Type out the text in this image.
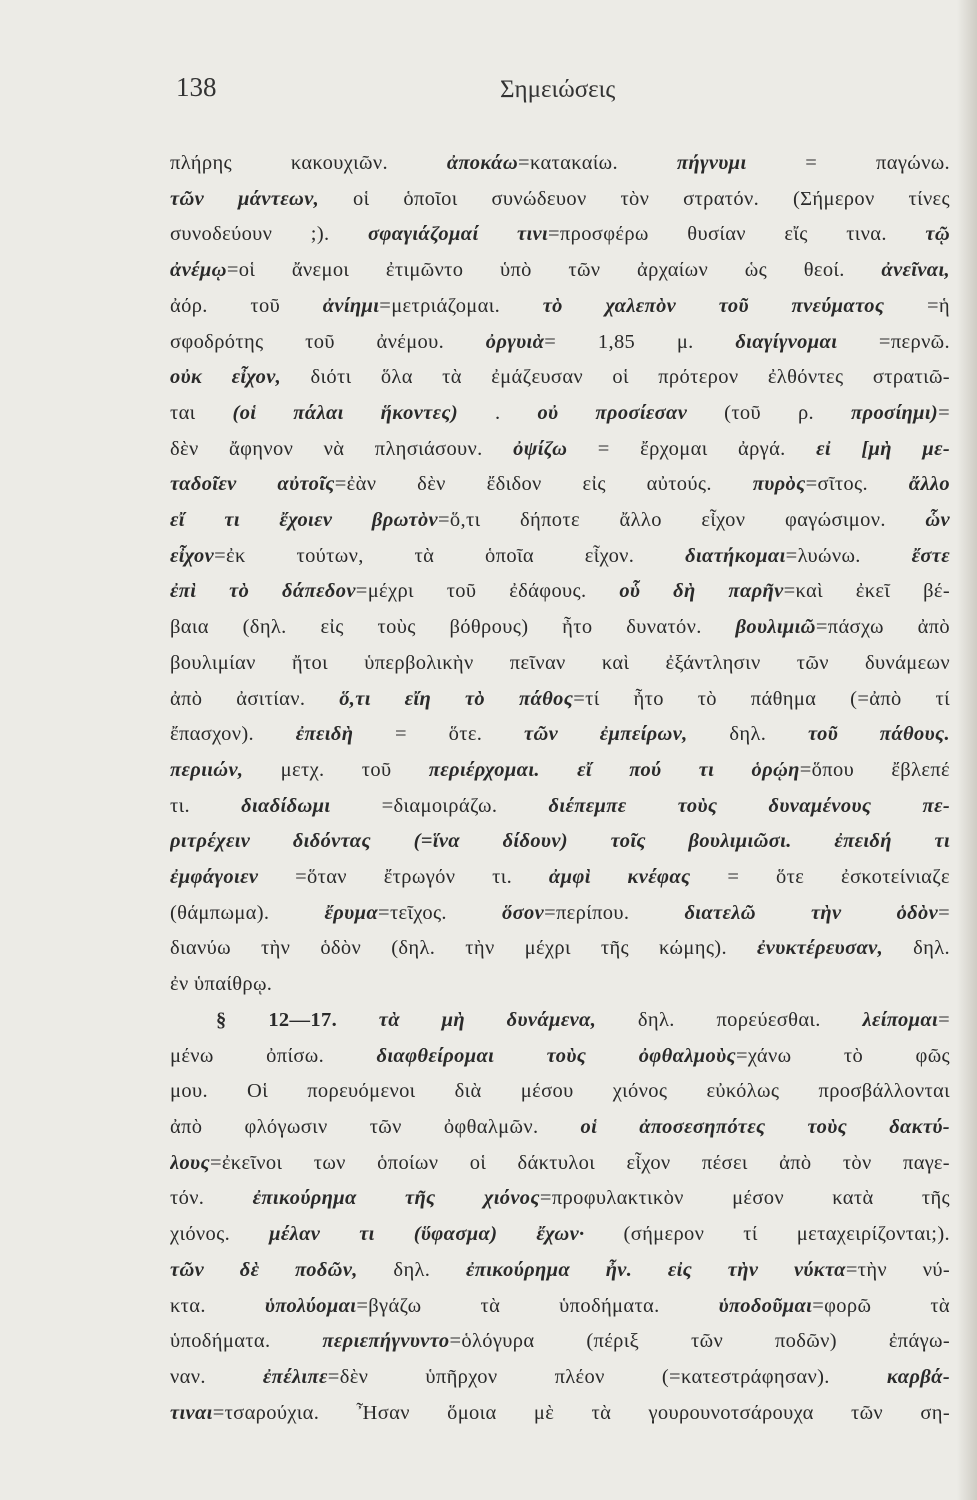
138	Σημειώσεις
πλήρης κακουχιῶν. ἀποκάω=κατακαίω. πήγνυμι = παγώνω.
τῶν μάντεων, οἱ ὁποῖοι συνώδευον τὸν στρατόν. (Σήμερον τίνες
συνοδεύουν ;). σφαγιάζομαί τινι=προσφέρω θυσίαν εἴς τινα. τῷ
ἀνέμῳ=οἱ ἄνεμοι ἐτιμῶντο ὑπὸ τῶν ἀρχαίων ὡς θεοί. ἀνεῖναι,
ἀόρ. τοῦ ἀνίημι=μετριάζομαι. τὸ χαλεπὸν τοῦ πνεύματος =ἡ
σφοδρότης τοῦ ἀνέμου. ὀργυιὰ= 1,85 μ. διαγίγνομαι =περνῶ.
οὐκ εἶχον, διότι ὅλα τὰ ἐμάζευσαν οἱ πρότερον ἐλθόντες στρατιῶ-
ται (οἱ πάλαι ἥκοντες) . οὐ προσίεσαν (τοῦ ρ. προσίημι)=
δὲν ἄφηνον νὰ πλησιάσουν. ὀψίζω = ἔρχομαι ἀργά. εἰ [μὴ με-
ταδοῖεν αὐτοῖς=ἐὰν δὲν ἔδιδον εἰς αὐτούς. πυρὸς=σῖτος. ἄλλο
εἴ τι ἔχοιεν βρωτὸν=ὅ,τι δήποτε ἄλλο εἶχον φαγώσιμον. ὧν
εἶχον=ἐκ τούτων, τὰ ὁποῖα εἶχον. διατήκομαι=λυώνω. ἔστε
ἐπὶ τὸ δάπεδον=μέχρι τοῦ ἐδάφους. οὗ δὴ παρῆν=καὶ ἐκεῖ βέ-
βαια (δηλ. εἰς τοὺς βόθρους) ἦτο δυνατόν. βουλιμιῶ=πάσχω ἀπὸ
βουλιμίαν ἤτοι ὑπερβολικὴν πεῖναν καὶ ἐξάντλησιν τῶν δυνάμεων
ἀπὸ ἀσιτίαν. ὅ,τι εἴη τὸ πάθος=τί ἦτο τὸ πάθημα (=ἀπὸ τί
ἔπασχον). ἐπειδὴ = ὅτε. τῶν ἐμπείρων, δηλ. τοῦ πάθους.
περιιών, μετχ. τοῦ περιέρχομαι. εἴ πού τι ὁρῴη=ὅπου ἔβλεπέ
τι. διαδίδωμι =διαμοιράζω. διέπεμπε τοὺς δυναμένους πε-
ριτρέχειν διδόντας (=ἵνα δίδουν) τοῖς βουλιμιῶσι. ἐπειδή τι
ἐμφάγοιεν =ὅταν ἔτρωγόν τι. ἀμφὶ κνέφας = ὅτε ἐσκοτείνιαζε
(θάμπωμα). ἔρυμα=τεῖχος. ὅσον=περίπου. διατελῶ τὴν ὁδὸν=
διανύω τὴν ὁδὸν (δηλ. τὴν μέχρι τῆς κώμης). ἐνυκτέρευσαν, δηλ.
ἐν ὑπαίθρῳ.
§ 12—17. τὰ μὴ δυνάμενα, δηλ. πορεύεσθαι. λείπομαι=
μένω ὀπίσω. διαφθείρομαι τοὺς ὀφθαλμοὺς=χάνω τὸ φῶς
μου. Οἱ πορευόμενοι διὰ μέσου χιόνος εὐκόλως προσβάλλονται
ἀπὸ φλόγωσιν τῶν ὀφθαλμῶν. οἱ ἀποσεσηπότες τοὺς δακτύ-
λους=ἐκεῖνοι των ὁποίων οἱ δάκτυλοι εἶχον πέσει ἀπὸ τὸν παγε-
τόν. ἐπικούρημα τῆς χιόνος=προφυλακτικὸν μέσον κατὰ τῆς
χιόνος. μέλαν τι (ὕφασμα) ἔχων· (σήμερον τί μεταχειρίζονται;).
τῶν δὲ ποδῶν, δηλ. ἐπικούρημα ἦν. εἰς τὴν νύκτα=τὴν νύ-
κτα. ὑπολύομαι=βγάζω τὰ ὑποδήματα. ὑποδοῦμαι=φορῶ τὰ
ὑποδήματα. περιεπήγνυντο=ὁλόγυρα (πέριξ τῶν ποδῶν) ἐπάγω-
ναν. ἐπέλιπε=δὲν ὑπῆρχον πλέον (=κατεστράφησαν). καρβά-
τιναι=τσαρούχια. Ἦσαν ὅμοια μὲ τὰ γουρουνοτσάρουχα τῶν ση-
